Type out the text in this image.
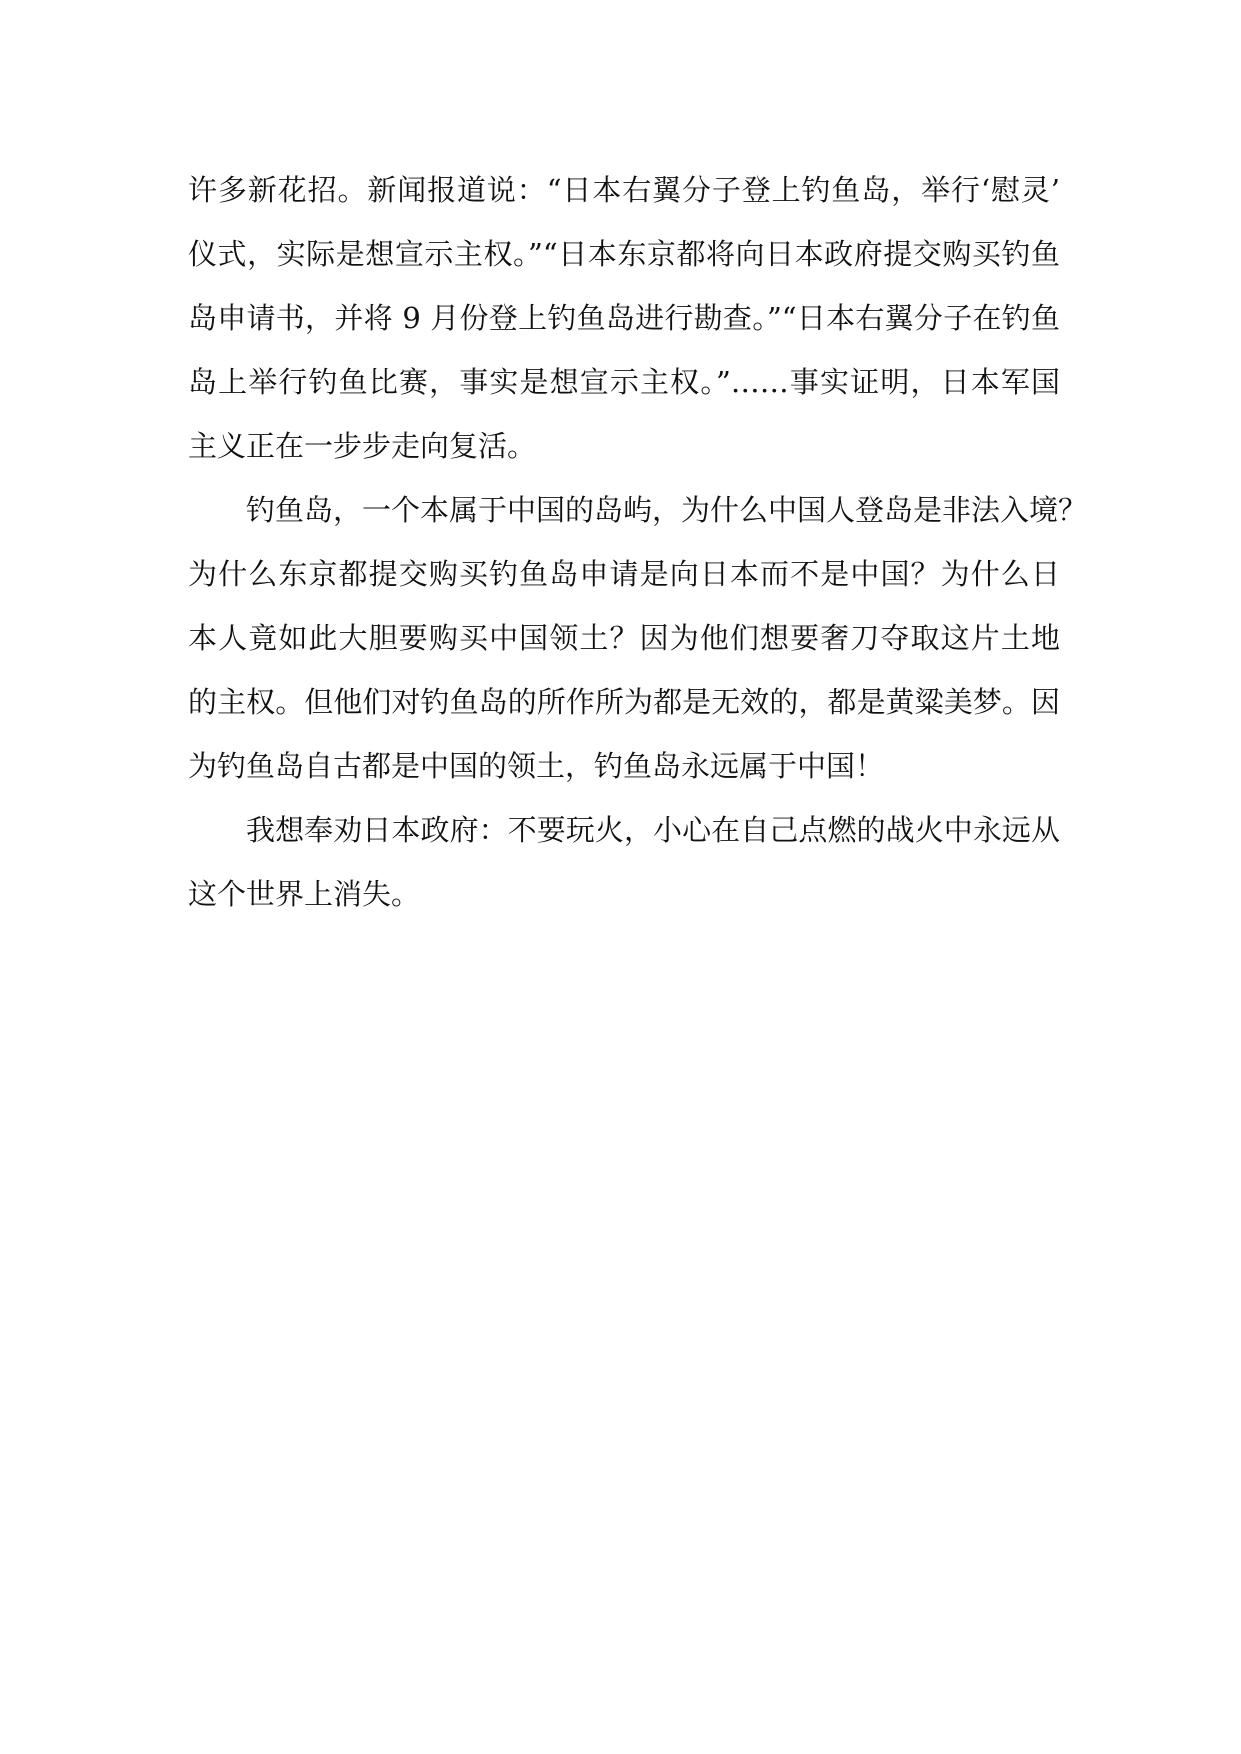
许多新花招。新闻报道说：“日本右翼分子登上钓鱼岛，举行‘慰灵’
仪式，实际是想宣示主权。”“日本东京都将向日本政府提交购买钓鱼
岛申请书，并将 9 月份登上钓鱼岛进行勘查。”“日本右翼分子在钓鱼
岛上举行钓鱼比赛，事实是想宣示主权。”……事实证明，日本军国
主义正在一步步走向复活。
钓鱼岛，一个本属于中国的岛屿，为什么中国人登岛是非法入境？
为什么东京都提交购买钓鱼岛申请是向日本而不是中国？为什么日
本人竟如此大胆要购买中国领土？因为他们想要奢刀夺取这片土地
的主权。但他们对钓鱼岛的所作所为都是无效的，都是黄粱美梦。因
为钓鱼岛自古都是中国的领土，钓鱼岛永远属于中国！
我想奉劝日本政府：不要玩火，小心在自己点燃的战火中永远从
这个世界上消失。
